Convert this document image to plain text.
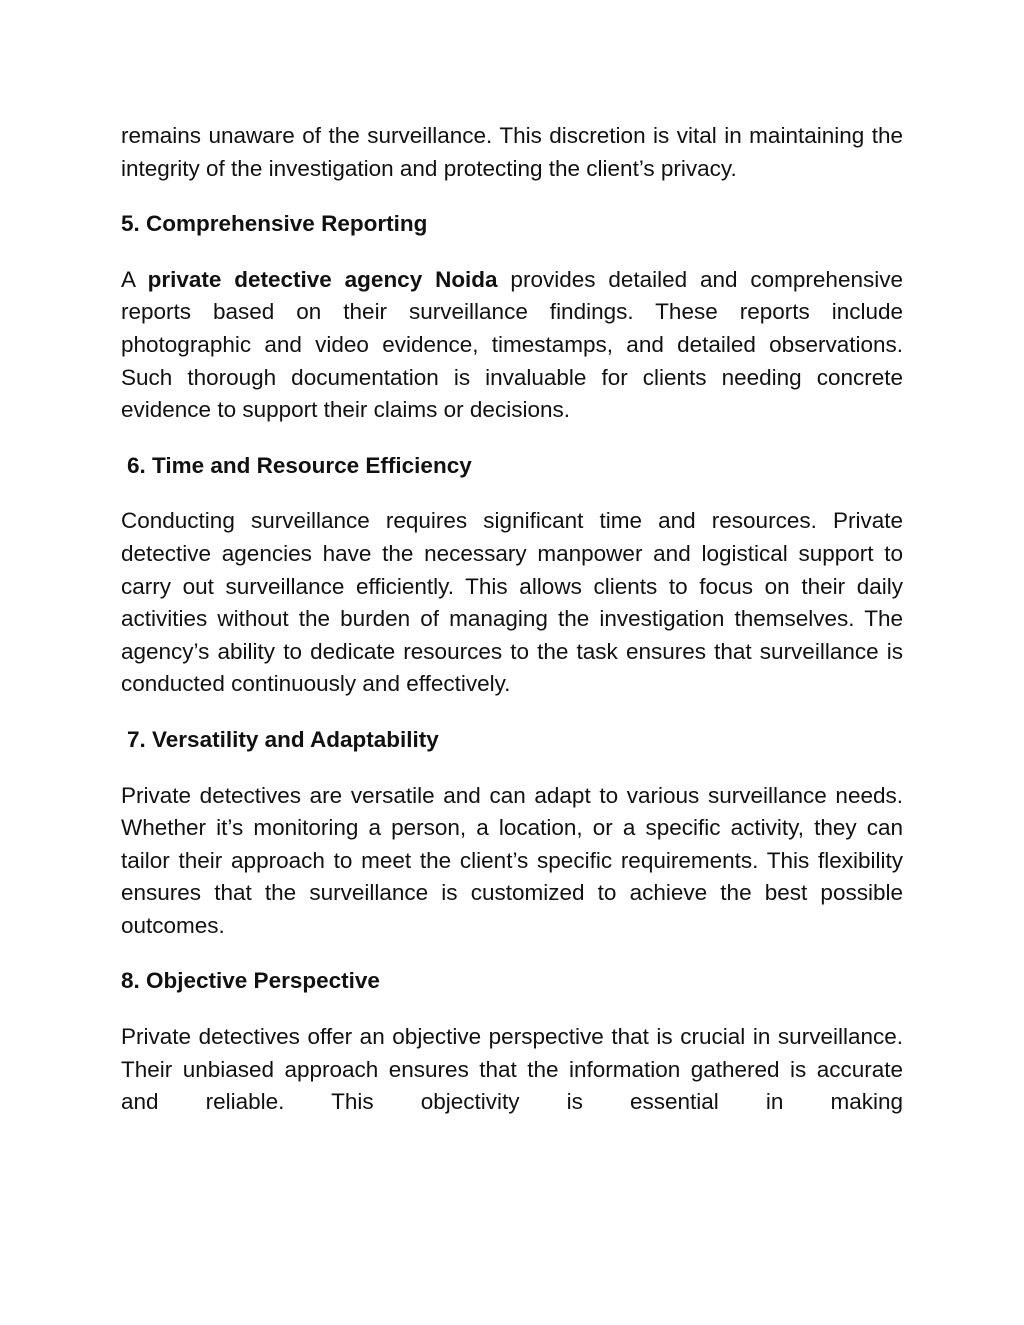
remains unaware of the surveillance. This discretion is vital in maintaining the integrity of the investigation and protecting the client’s privacy.

5. Comprehensive Reporting

A private detective agency Noida provides detailed and comprehensive reports based on their surveillance findings. These reports include photographic and video evidence, timestamps, and detailed observations. Such thorough documentation is invaluable for clients needing concrete evidence to support their claims or decisions.

6. Time and Resource Efficiency

Conducting surveillance requires significant time and resources. Private detective agencies have the necessary manpower and logistical support to carry out surveillance efficiently. This allows clients to focus on their daily activities without the burden of managing the investigation themselves. The agency’s ability to dedicate resources to the task ensures that surveillance is conducted continuously and effectively.

7. Versatility and Adaptability

Private detectives are versatile and can adapt to various surveillance needs. Whether it’s monitoring a person, a location, or a specific activity, they can tailor their approach to meet the client’s specific requirements. This flexibility ensures that the surveillance is customized to achieve the best possible outcomes.

8. Objective Perspective

Private detectives offer an objective perspective that is crucial in surveillance. Their unbiased approach ensures that the information gathered is accurate and reliable. This objectivity is essential in making
